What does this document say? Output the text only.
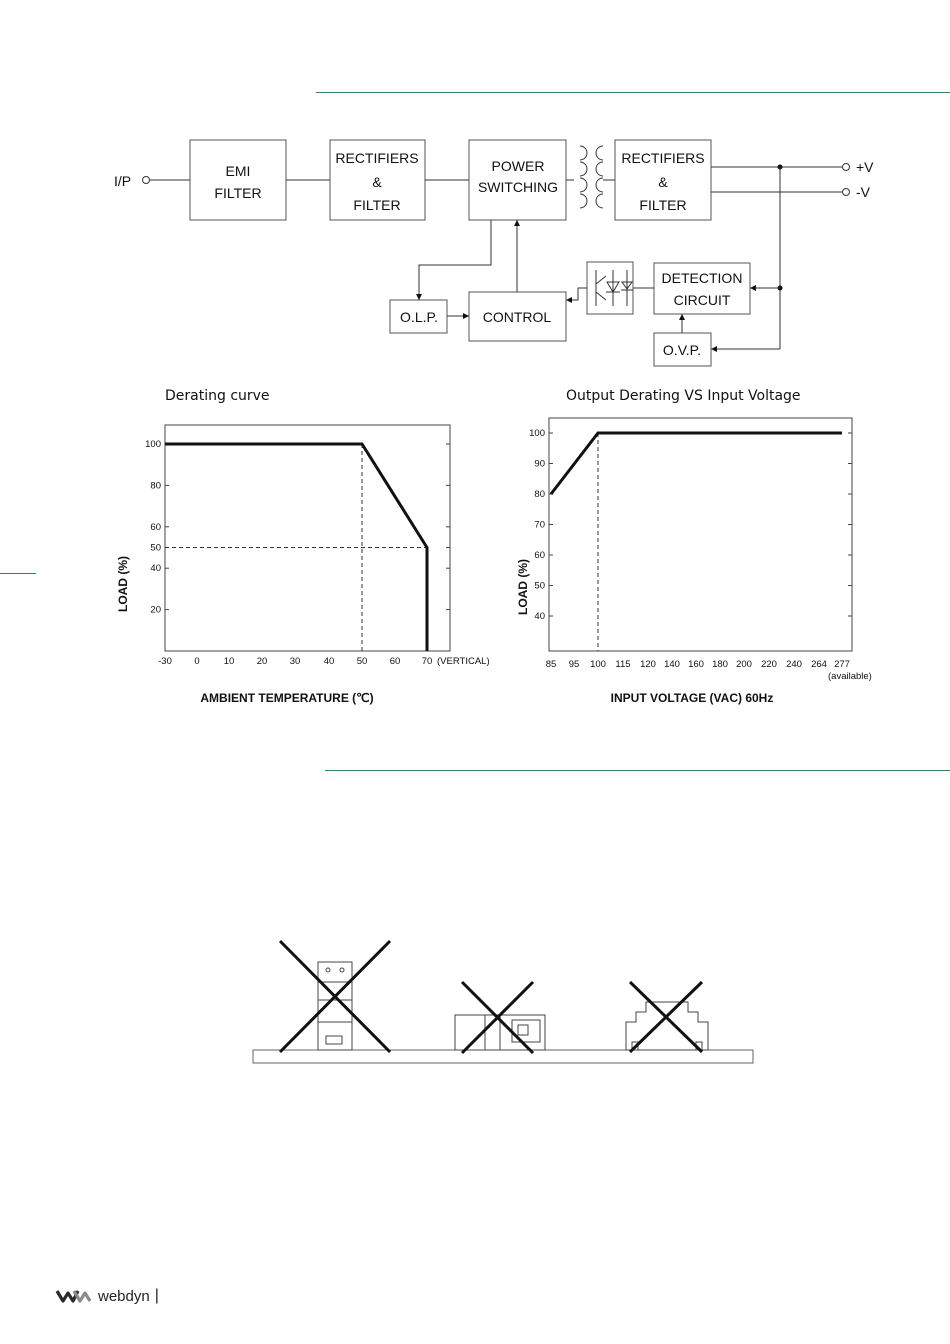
I/P
EMI
FILTER
RECTIFIERS
&
FILTER
POWER
SWITCHING
RECTIFIERS
&
FILTER
+V
-V
DETECTION
CIRCUIT
O.V.P.
CONTROL
O.L.P.
Derating curve	Output Derating VS Input Voltage
LOAD (%)
AMBIENT TEMPERATURE (℃)
(VERTICAL)
20
40
50
60
80
100
-30 0	10 20 30 40 50 60 70
LOAD (%)
INPUT VOLTAGE (VAC) 60Hz
(available)
40
50
60
70
80
90
100
85 95 100 115 120 140 160 180 200 220 240 264 277
webdyn |
